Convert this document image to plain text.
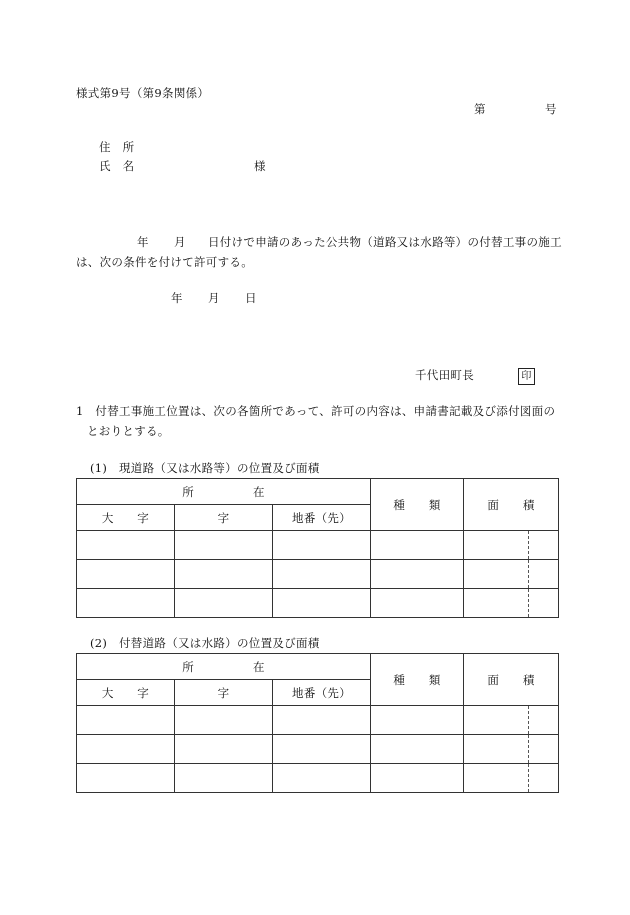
様式第9号（第9条関係）
第	号
住　所
氏　名	様
年 月 日付けで申請のあった公共物（道路又は水路等）の付替工事の施工
は、次の条件を付けて許可する。
年 月 日
千代田町長	印
1　付替工事施工位置は、次の各箇所であって、許可の内容は、申請書記載及び添付図面の
とおりとする。
(1)　現道路（又は水路等）の位置及び面積
所　　　　　在			種　　類	面　　積
大　　字	字	地番（先）		

(2)　付替道路（又は水路）の位置及び面積
所　　　　　在			種　　類	面　　積
大　　字	字	地番（先）		
